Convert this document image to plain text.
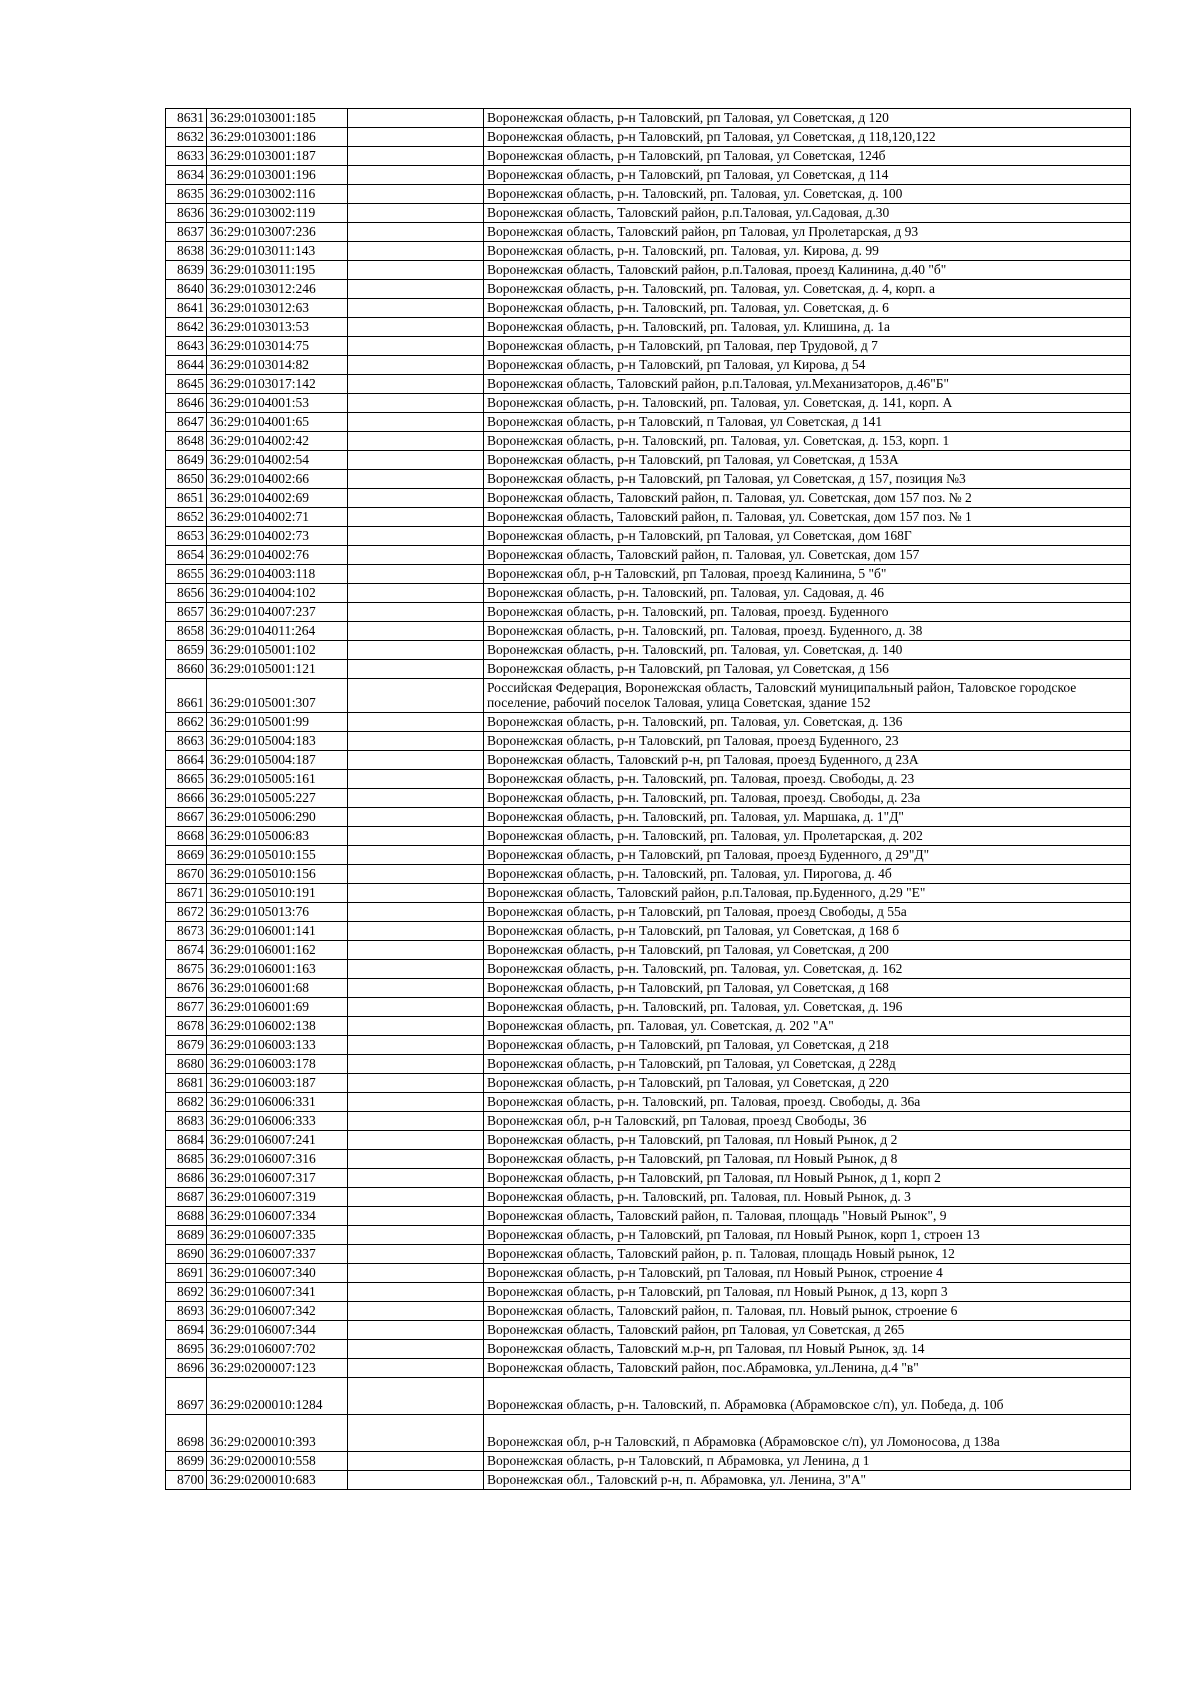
8631	36:29:0103001:185		Воронежская область, р-н Таловский, рп Таловая, ул Советская, д 120
8632	36:29:0103001:186		Воронежская область, р-н Таловский, рп Таловая, ул Советская, д 118,120,122
8633	36:29:0103001:187		Воронежская область, р-н Таловский, рп Таловая, ул Советская, 124б
8634	36:29:0103001:196		Воронежская область, р-н Таловский, рп Таловая, ул Советская, д 114
8635	36:29:0103002:116		Воронежская область, р-н. Таловский, рп. Таловая, ул. Советская, д. 100
8636	36:29:0103002:119		Воронежская область, Таловский район, р.п.Таловая, ул.Садовая, д.30
8637	36:29:0103007:236		Воронежская область, Таловский район, рп Таловая, ул Пролетарская, д 93
8638	36:29:0103011:143		Воронежская область, р-н. Таловский, рп. Таловая, ул. Кирова, д. 99
8639	36:29:0103011:195		Воронежская область, Таловский район, р.п.Таловая, проезд Калинина, д.40 "б"
8640	36:29:0103012:246		Воронежская область, р-н. Таловский, рп. Таловая, ул. Советская, д. 4, корп. а
8641	36:29:0103012:63		Воронежская область, р-н. Таловский, рп. Таловая, ул. Советская, д. 6
8642	36:29:0103013:53		Воронежская область, р-н. Таловский, рп. Таловая, ул. Клишина, д. 1а
8643	36:29:0103014:75		Воронежская область, р-н Таловский, рп Таловая, пер Трудовой, д 7
8644	36:29:0103014:82		Воронежская область, р-н Таловский, рп Таловая, ул Кирова, д 54
8645	36:29:0103017:142		Воронежская область, Таловский район, р.п.Таловая, ул.Механизаторов, д.46"Б"
8646	36:29:0104001:53		Воронежская область, р-н. Таловский, рп. Таловая, ул. Советская, д. 141, корп. А
8647	36:29:0104001:65		Воронежская область, р-н Таловский, п Таловая, ул Советская, д 141
8648	36:29:0104002:42		Воронежская область, р-н. Таловский, рп. Таловая, ул. Советская, д. 153, корп. 1
8649	36:29:0104002:54		Воронежская область, р-н Таловский, рп Таловая, ул Советская, д 153А
8650	36:29:0104002:66		Воронежская область, р-н Таловский, рп Таловая, ул Советская, д 157, позиция №3
8651	36:29:0104002:69		Воронежская область, Таловский район, п. Таловая, ул. Советская, дом 157 поз. № 2
8652	36:29:0104002:71		Воронежская область, Таловский район, п. Таловая, ул. Советская, дом 157 поз. № 1
8653	36:29:0104002:73		Воронежская область, р-н Таловский, рп Таловая, ул Советская, дом 168Г
8654	36:29:0104002:76		Воронежская область, Таловский район, п. Таловая, ул. Советская, дом 157
8655	36:29:0104003:118		Воронежская обл, р-н Таловский, рп Таловая, проезд Калинина, 5 "б"
8656	36:29:0104004:102		Воронежская область, р-н. Таловский, рп. Таловая, ул. Садовая, д. 46
8657	36:29:0104007:237		Воронежская область, р-н. Таловский, рп. Таловая, проезд. Буденного
8658	36:29:0104011:264		Воронежская область, р-н. Таловский, рп. Таловая, проезд. Буденного, д. 38
8659	36:29:0105001:102		Воронежская область, р-н. Таловский, рп. Таловая, ул. Советская, д. 140
8660	36:29:0105001:121		Воронежская область, р-н Таловский, рп Таловая, ул Советская, д 156
8661	36:29:0105001:307		Российская Федерация, Воронежская область, Таловский муниципальный район, Таловское городское поселение, рабочий поселок Таловая, улица Советская, здание 152
8662	36:29:0105001:99		Воронежская область, р-н. Таловский, рп. Таловая, ул. Советская, д. 136
8663	36:29:0105004:183		Воронежская область, р-н Таловский, рп Таловая, проезд Буденного, 23
8664	36:29:0105004:187		Воронежская область, Таловский р-н, рп Таловая, проезд Буденного, д 23А
8665	36:29:0105005:161		Воронежская область, р-н. Таловский, рп. Таловая, проезд. Свободы, д. 23
8666	36:29:0105005:227		Воронежская область, р-н. Таловский, рп. Таловая, проезд. Свободы, д. 23а
8667	36:29:0105006:290		Воронежская область, р-н. Таловский, рп. Таловая, ул. Маршака, д. 1"Д"
8668	36:29:0105006:83		Воронежская область, р-н. Таловский, рп. Таловая, ул. Пролетарская, д. 202
8669	36:29:0105010:155		Воронежская область, р-н Таловский, рп Таловая, проезд Буденного, д 29"Д"
8670	36:29:0105010:156		Воронежская область, р-н. Таловский, рп. Таловая, ул. Пирогова, д. 4б
8671	36:29:0105010:191		Воронежская область, Таловский район, р.п.Таловая, пр.Буденного, д.29 "Е"
8672	36:29:0105013:76		Воронежская область, р-н Таловский, рп Таловая, проезд Свободы, д 55а
8673	36:29:0106001:141		Воронежская область, р-н Таловский, рп Таловая, ул Советская, д 168 б
8674	36:29:0106001:162		Воронежская область, р-н Таловский, рп Таловая, ул Советская, д 200
8675	36:29:0106001:163		Воронежская область, р-н. Таловский, рп. Таловая, ул. Советская, д. 162
8676	36:29:0106001:68		Воронежская область, р-н Таловский, рп Таловая, ул Советская, д 168
8677	36:29:0106001:69		Воронежская область, р-н. Таловский, рп. Таловая, ул. Советская, д. 196
8678	36:29:0106002:138		Воронежская область, рп. Таловая, ул. Советская, д. 202 "А"
8679	36:29:0106003:133		Воронежская область, р-н Таловский, рп Таловая, ул Советская, д 218
8680	36:29:0106003:178		Воронежская область, р-н Таловский, рп Таловая, ул Советская, д 228д
8681	36:29:0106003:187		Воронежская область, р-н Таловский, рп Таловая, ул Советская, д 220
8682	36:29:0106006:331		Воронежская область, р-н. Таловский, рп. Таловая, проезд. Свободы, д. 36а
8683	36:29:0106006:333		Воронежская обл, р-н Таловский, рп Таловая, проезд Свободы, 36
8684	36:29:0106007:241		Воронежская область, р-н Таловский, рп Таловая, пл Новый Рынок, д 2
8685	36:29:0106007:316		Воронежская область, р-н Таловский, рп Таловая, пл Новый Рынок, д 8
8686	36:29:0106007:317		Воронежская область, р-н Таловский, рп Таловая, пл Новый Рынок, д 1, корп 2
8687	36:29:0106007:319		Воронежская область, р-н. Таловский, рп. Таловая, пл. Новый Рынок, д. 3
8688	36:29:0106007:334		Воронежская область, Таловский район, п. Таловая, площадь "Новый Рынок", 9
8689	36:29:0106007:335		Воронежская область, р-н Таловский, рп Таловая, пл Новый Рынок, корп 1, строен 13
8690	36:29:0106007:337		Воронежская область, Таловский район, р. п. Таловая, площадь Новый рынок, 12
8691	36:29:0106007:340		Воронежская область, р-н Таловский, рп Таловая, пл Новый Рынок, строение 4
8692	36:29:0106007:341		Воронежская область, р-н Таловский, рп Таловая, пл Новый Рынок, д 13, корп 3
8693	36:29:0106007:342		Воронежская область, Таловский район, п. Таловая, пл. Новый рынок, строение 6
8694	36:29:0106007:344		Воронежская область, Таловский район, рп Таловая, ул Советская, д 265
8695	36:29:0106007:702		Воронежская область, Таловский м.р-н, рп Таловая, пл Новый Рынок, зд. 14
8696	36:29:0200007:123		Воронежская область, Таловский район, пос.Абрамовка, ул.Ленина, д.4 "в"
8697	36:29:0200010:1284		Воронежская область, р-н. Таловский, п. Абрамовка (Абрамовское с/п), ул. Победа, д. 10б
8698	36:29:0200010:393		Воронежская обл, р-н Таловский, п Абрамовка (Абрамовское с/п), ул Ломоносова, д 138а
8699	36:29:0200010:558		Воронежская область, р-н Таловский, п Абрамовка, ул Ленина, д 1
8700	36:29:0200010:683		Воронежская обл., Таловский р-н, п. Абрамовка, ул. Ленина, 3"А"
